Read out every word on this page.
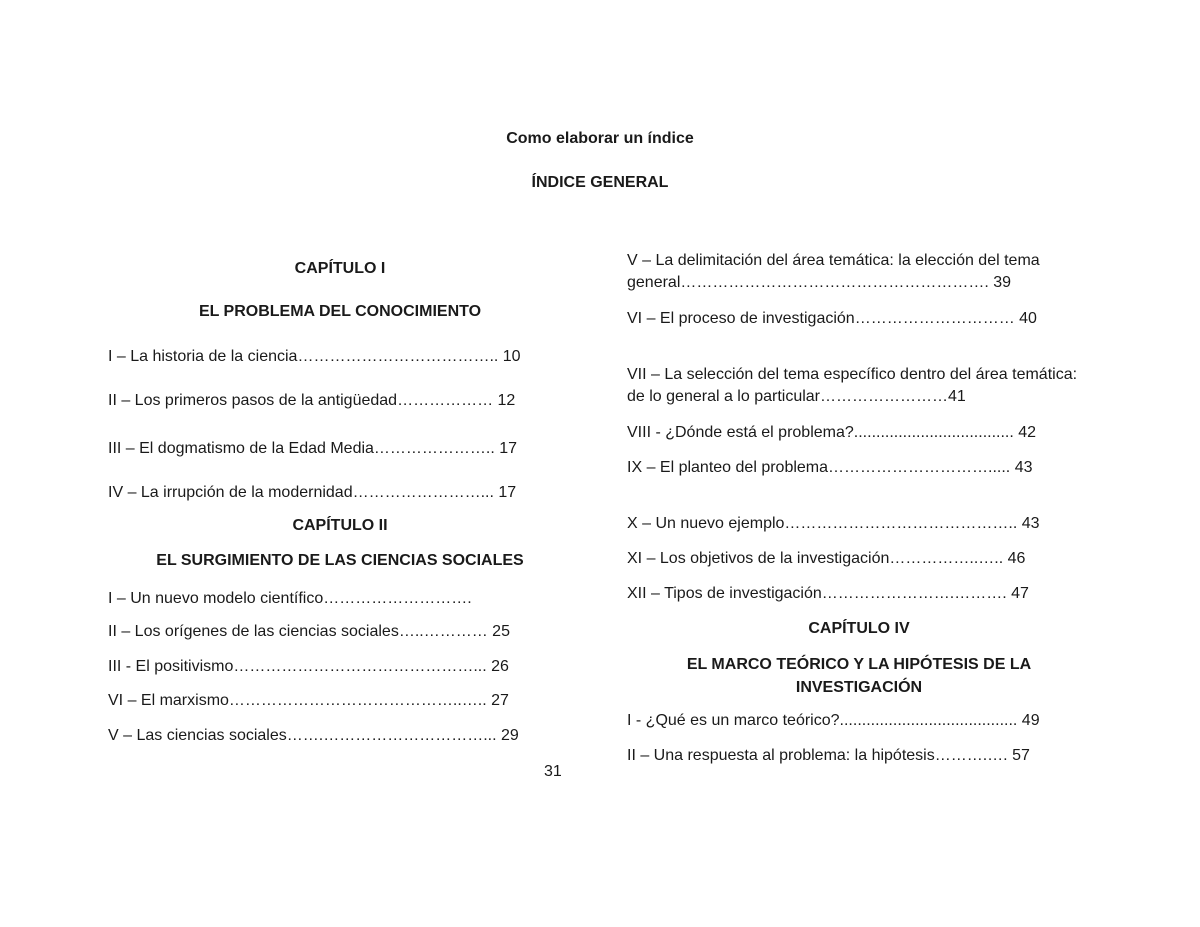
Como elaborar un índice
ÍNDICE GENERAL
CAPÍTULO I
EL PROBLEMA DEL CONOCIMIENTO
I – La historia de la ciencia……………………………….. 10
II – Los primeros pasos de la antigüedad……………… 12
III – El dogmatismo de la Edad Media………………….. 17
IV – La irrupción de la modernidad……………………... 17
CAPÍTULO II
EL SURGIMIENTO DE LAS CIENCIAS SOCIALES
I – Un nuevo modelo científico……………………….
II – Los orígenes de las ciencias sociales…..………… 25
III - El positivismo………………………………………... 26
VI – El marxismo……………………………………..….. 27
V – Las ciencias sociales…….…………………………... 29
31
V – La delimitación del área temática: la elección del tema general…………………………………………………. 39
VI – El proceso de investigación………………………… 40
VII – La selección del tema específico dentro del área temática: de lo general a lo particular……………………41
VIII - ¿Dónde está el problema?.................................... 42
IX – El planteo del problema…………………………..... 43
X – Un nuevo ejemplo…………………………………….. 43
XI – Los objetivos de la investigación……………..….. 46
XII – Tipos de investigación…………………….………. 47
CAPÍTULO IV
EL MARCO TEÓRICO Y LA HIPÓTESIS DE LA INVESTIGACIÓN
I - ¿Qué es un marco teórico?........................................ 49
II – Una respuesta al problema: la hipótesis……….…. 57
